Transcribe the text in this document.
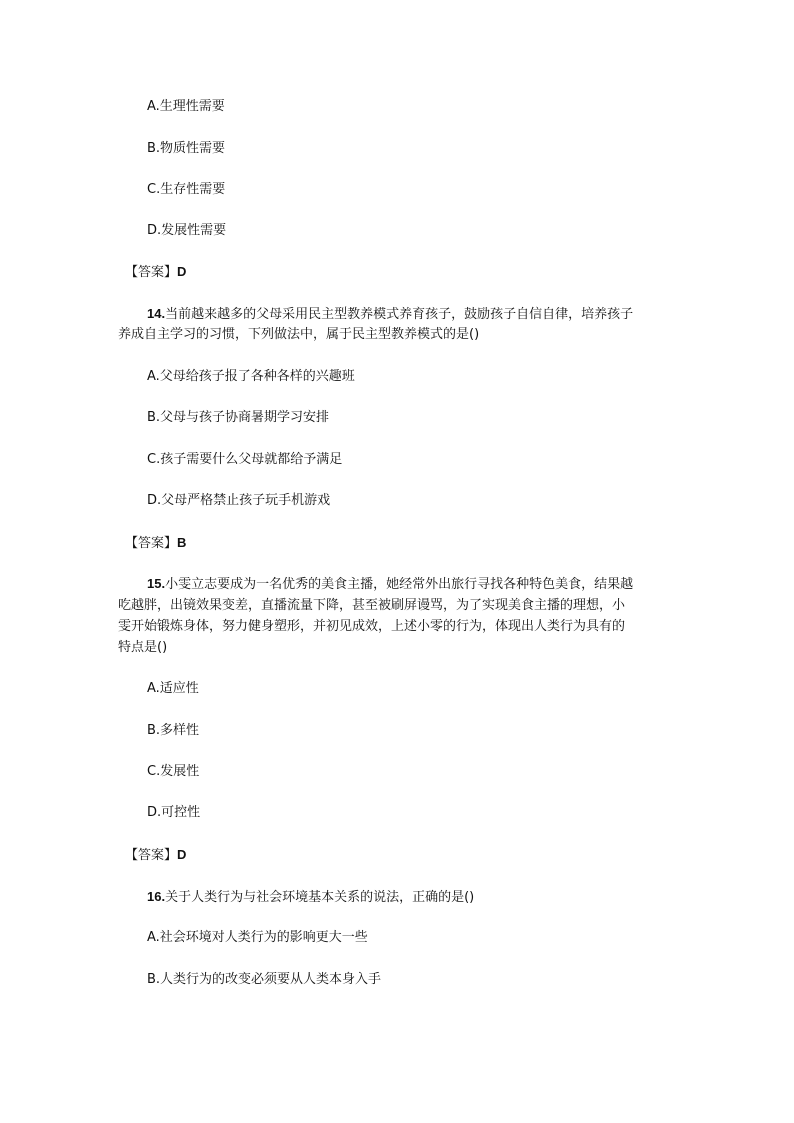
A.生理性需要
B.物质性需要
C.生存性需要
D.发展性需要
【答案】D
14.当前越来越多的父母采用民主型教养模式养育孩子，鼓励孩子自信自律，培养孩子
养成自主学习的习惯，下列做法中，属于民主型教养模式的是()
A.父母给孩子报了各种各样的兴趣班
B.父母与孩子协商暑期学习安排
C.孩子需要什么父母就都给予满足
D.父母严格禁止孩子玩手机游戏
【答案】B
15.小雯立志要成为一名优秀的美食主播，她经常外出旅行寻找各种特色美食，结果越
吃越胖，出镜效果变差，直播流量下降，甚至被刷屏谩骂，为了实现美食主播的理想，小
雯开始锻炼身体，努力健身塑形，并初见成效，上述小零的行为，体现出人类行为具有的
特点是()
A.适应性
B.多样性
C.发展性
D.可控性
【答案】D
16.关于人类行为与社会环境基本关系的说法，正确的是()
A.社会环境对人类行为的影响更大一些
B.人类行为的改变必须要从人类本身入手
